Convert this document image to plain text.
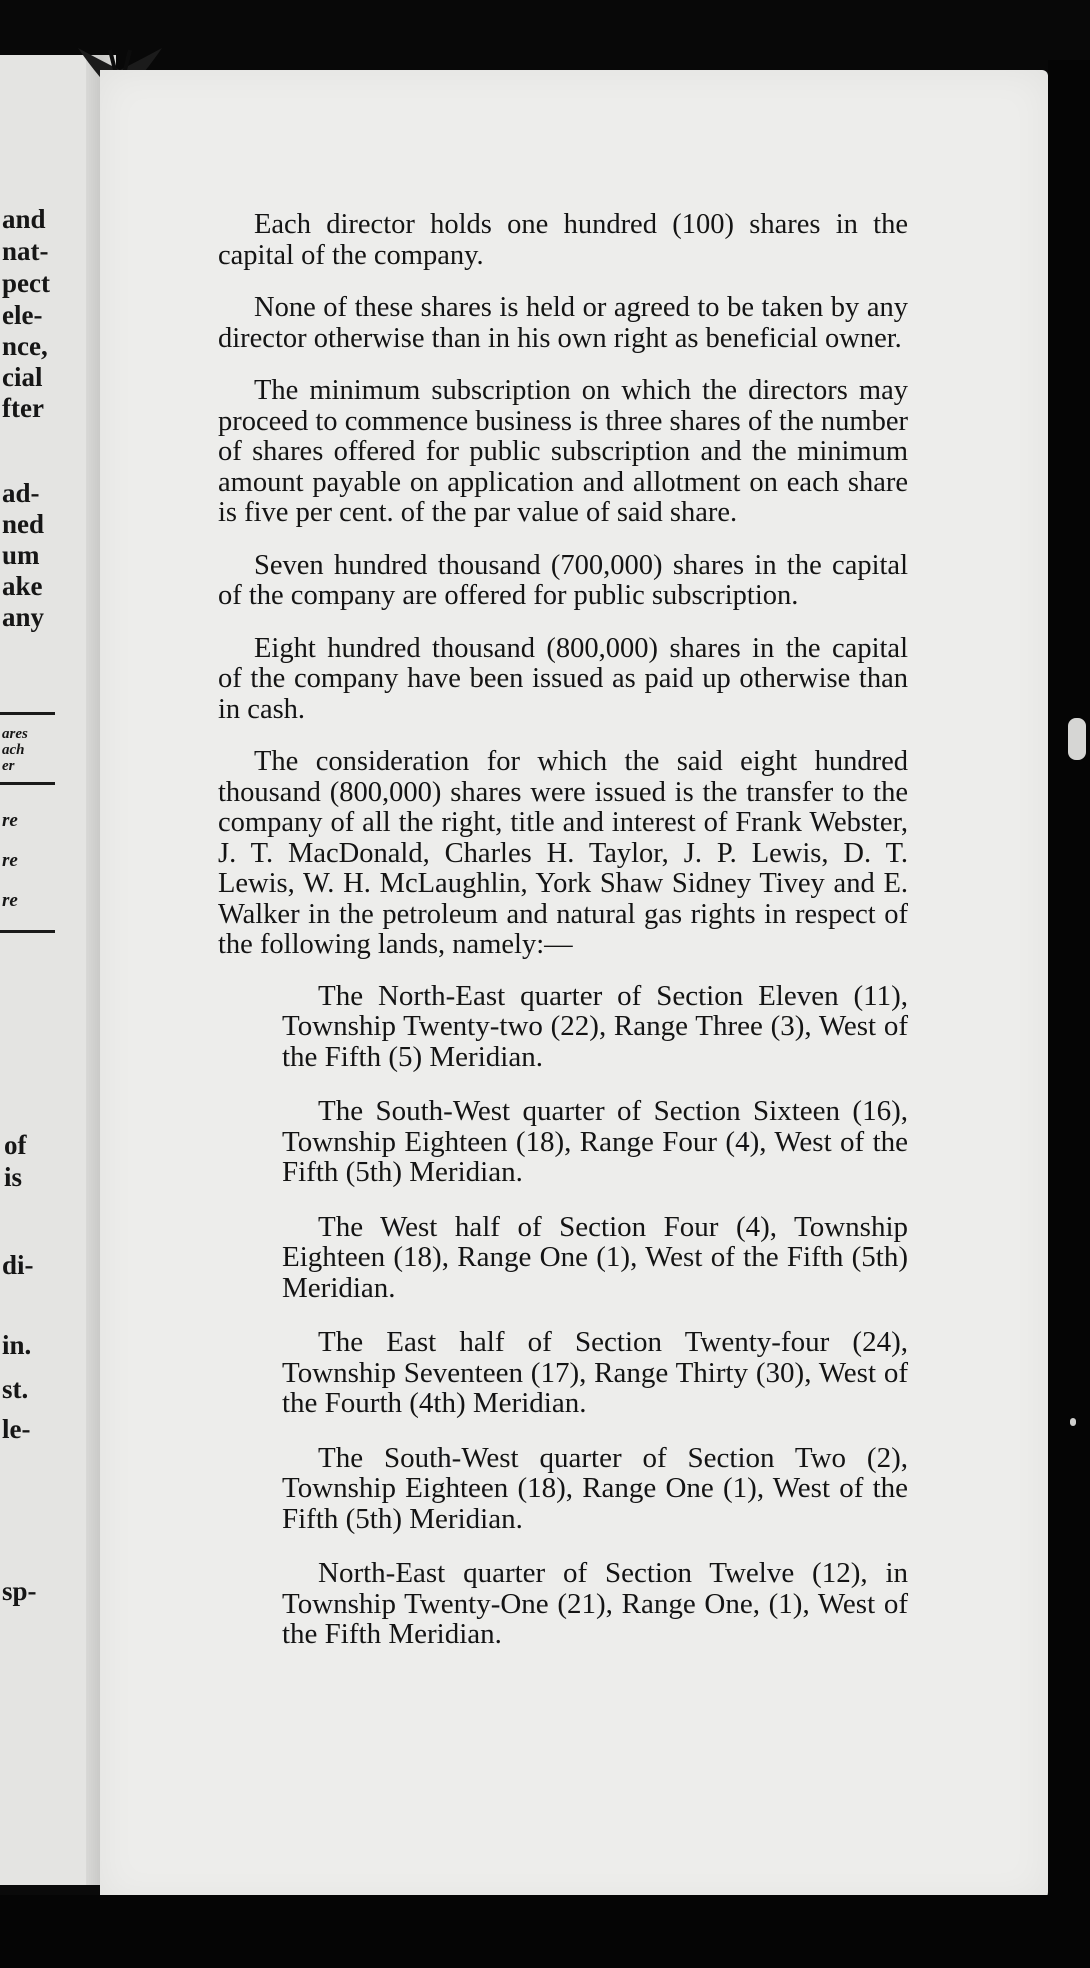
and
nat-
pect
ele-
nce,
cial
fter
ad-
ned
um
ake
any
ares
ach
er
re
re
re
of
is
di-
in.
st.
le-
sp-

Each director holds one hundred (100) shares in the capital of the company.

None of these shares is held or agreed to be taken by any director otherwise than in his own right as beneficial owner.

The minimum subscription on which the directors may proceed to commence business is three shares of the number of shares offered for public subscription and the minimum amount payable on application and allotment on each share is five per cent. of the par value of said share.

Seven hundred thousand (700,000) shares in the capital of the company are offered for public subscription.

Eight hundred thousand (800,000) shares in the capital of the company have been issued as paid up otherwise than in cash.

The consideration for which the said eight hundred thousand (800,000) shares were issued is the transfer to the company of all the right, title and interest of Frank Webster, J. T. MacDonald, Charles H. Taylor, J. P. Lewis, D. T. Lewis, W. H. McLaughlin, York Shaw Sidney Tivey and E. Walker in the petroleum and natural gas rights in respect of the following lands, namely:—

The North-East quarter of Section Eleven (11), Township Twenty-two (22), Range Three (3), West of the Fifth (5) Meridian.

The South-West quarter of Section Sixteen (16), Township Eighteen (18), Range Four (4), West of the Fifth (5th) Meridian.

The West half of Section Four (4), Township Eighteen (18), Range One (1), West of the Fifth (5th) Meridian.

The East half of Section Twenty-four (24), Township Seventeen (17), Range Thirty (30), West of the Fourth (4th) Meridian.

The South-West quarter of Section Two (2), Township Eighteen (18), Range One (1), West of the Fifth (5th) Meridian.

North-East quarter of Section Twelve (12), in Township Twenty-One (21), Range One, (1), West of the Fifth Meridian.
